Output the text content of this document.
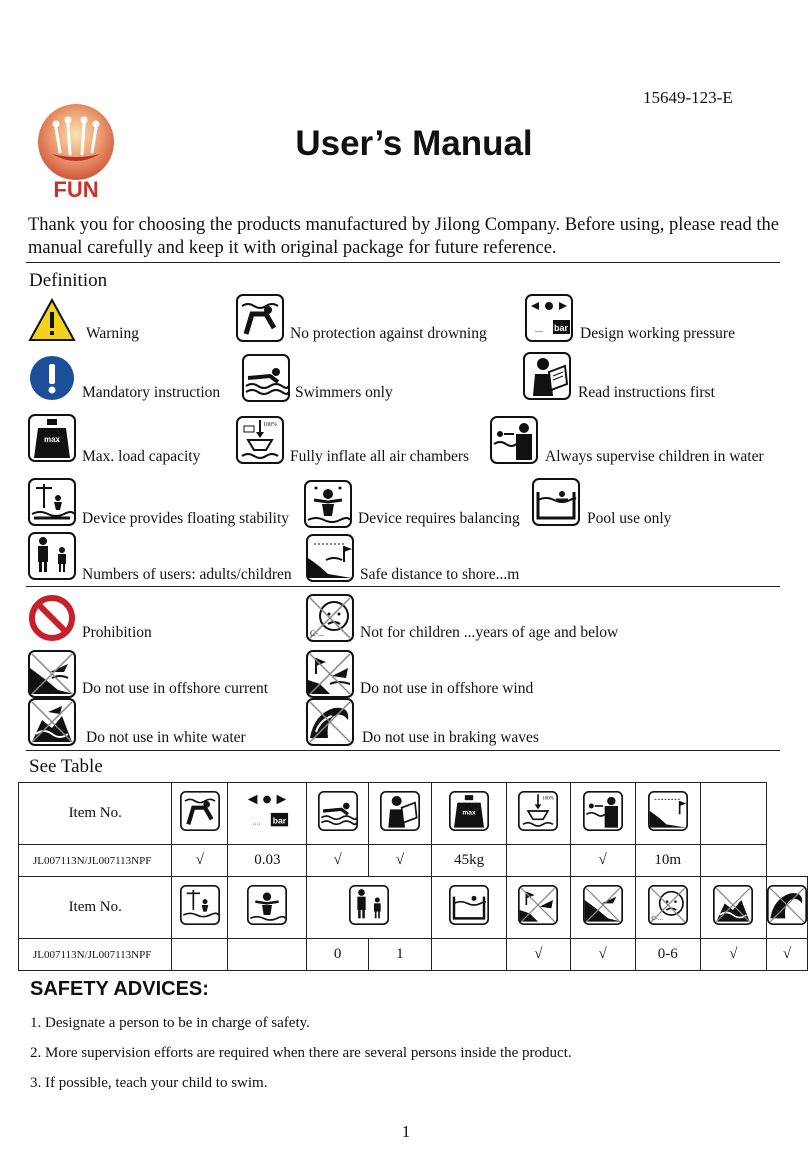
15649-123-E
FUN
User’s Manual
Thank you for choosing the products manufactured by Jilong Company. Before using, please read the manual carefully and keep it with original package for future reference.
Definition
Warning	No protection against drowning	bar
.... Design working pressure
Mandatory instruction	Swimmers only	Read instructions first
max
Max. load capacity
100%
Fully inflate all air chambers	Always supervise children in water
Device provides floating stability	Device requires balancing	Pool use only
Numbers of users: adults/children	Safe distance to shore...m
Prohibition	C-... Not for children ...years of age and below
Do not use in offshore current	Do not use in offshore wind
Do not use in white water	Do not use in braking waves
See Table
Item No.		bar
....			max	100%

JL007113N/JL007113NPF	√	0.03	√	√	45kg		√	10m		
Item No.								C-...

JL007113N/JL007113NPF			0	1		√	√	0-6	√	√
SAFETY ADVICES:
1. Designate a person to be in charge of safety.
2. More supervision efforts are required when there are several persons inside the product.
3. If possible, teach your child to swim.
1
